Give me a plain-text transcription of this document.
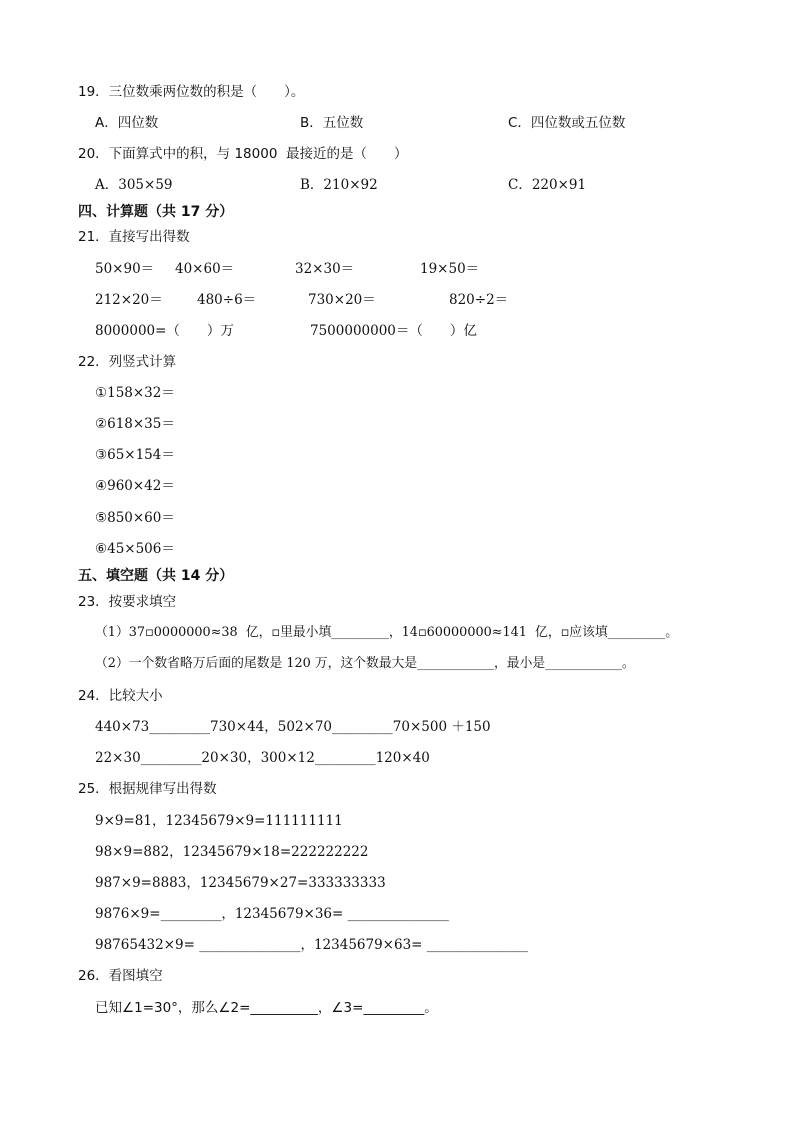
19．三位数乘两位数的积是（　　）。
A．四位数	B．五位数	C．四位数或五位数
20．下面算式中的积，与 18000  最接近的是（　　）
A．305×59	B．210×92	C．220×91
四、计算题（共 17 分）
21．直接写出得数
50×90＝ 40×60＝	32×30＝	19×50＝
212×20＝	480÷6＝	730×20＝	820÷2＝
8000000=（　　）万	7500000000＝（　　）亿
22．列竖式计算
①158×32＝
②618×35＝
③65×154＝
④960×42＝
⑤850×60＝
⑥45×506＝
五、填空题（共 14 分）
23．按要求填空
（1）37▫0000000≈38  亿，▫里最小填_________，14▫60000000≈141  亿，▫应该填_________。
（2）一个数省略万后面的尾数是 120 万，这个数最大是____________，最小是____________。
24．比较大小
440×73_________730×44，502×70_________70×500 ＋150
22×30_________20×30，300×12_________120×40
25．根据规律写出得数
9×9=81，12345679×9=111111111
98×9=882，12345679×18=222222222
987×9=8883，12345679×27=333333333
9876×9=_________，12345679×36= _______________
98765432×9= _______________，12345679×63= _______________
26．看图填空
已知∠1=30°，那么∠2=__________，∠3=_________。
